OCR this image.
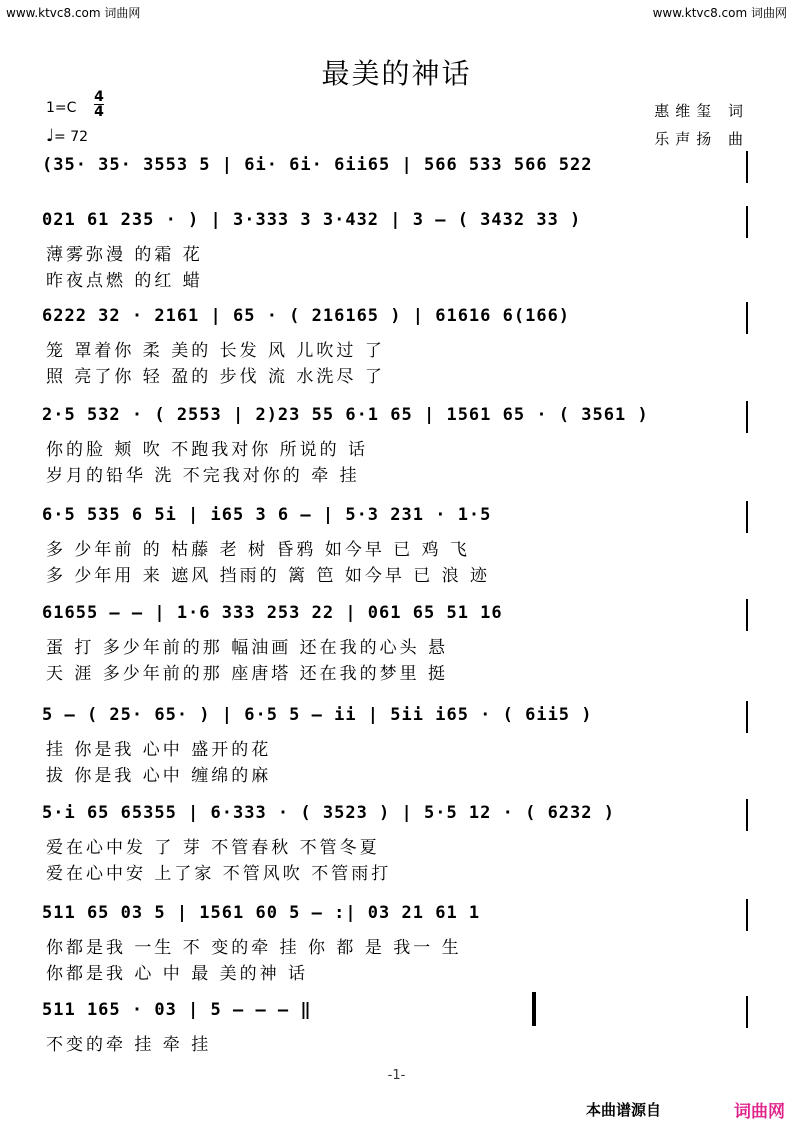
www.ktvc8.com 词曲网	www.ktvc8.com 词曲网
最美的神话
1=C
4
4
♩= 72
惠维玺 词
乐声扬 曲
(35· 35· 3553 5 | 6i· 6i· 6ii65 | 566 533 566 522
021 61 235 · ) | 3·333 3 3·432 | 3 – ( 3432 33 )
薄雾弥漫 的霜 花
昨夜点燃 的红 蜡
6222 32 · 2161 | 65 · ( 216165 ) | 61616 6(166)
笼 罩着你 柔 美的 长发 风 儿吹过 了
照 亮了你 轻 盈的 步伐 流 水洗尽 了
2·5 532 · ( 2553 | 2)23 55 6·1 65 | 1561 65 · ( 3561 )
你的脸 颊 吹 不跑我对你 所说的 话
岁月的铅华 洗 不完我对你的 牵 挂
6·5 535 6 5i | i65 3 6 – | 5·3 231 · 1·5
多 少年前 的 枯藤 老 树 昏鸦 如今早 已 鸡 飞
多 少年用 来 遮风 挡雨的 篱 笆 如今早 已 浪 迹
61655 – – | 1·6 333 253 22 | 061 65 51 16
蛋 打 多少年前的那 幅油画 还在我的心头 悬
天 涯 多少年前的那 座唐塔 还在我的梦里 挺
5 – ( 25· 65· ) | 6·5 5 – ii | 5ii i65 · ( 6ii5 )
挂 你是我 心中 盛开的花
拔 你是我 心中 缠绵的麻
5·i 65 65355 | 6·333 · ( 3523 ) | 5·5 12 · ( 6232 )
爱在心中发 了 芽 不管春秋 不管冬夏
爱在心中安 上了家 不管风吹 不管雨打
511 65 03 5 | 1561 60 5 – :| 03 21 61 1
你都是我 一生 不 变的牵 挂 你 都 是 我一 生
你都是我 心 中 最 美的神 话
511 165 · 03 | 5 – – – ‖
不变的牵 挂 牵 挂
-1-
本曲谱源自	词曲网
